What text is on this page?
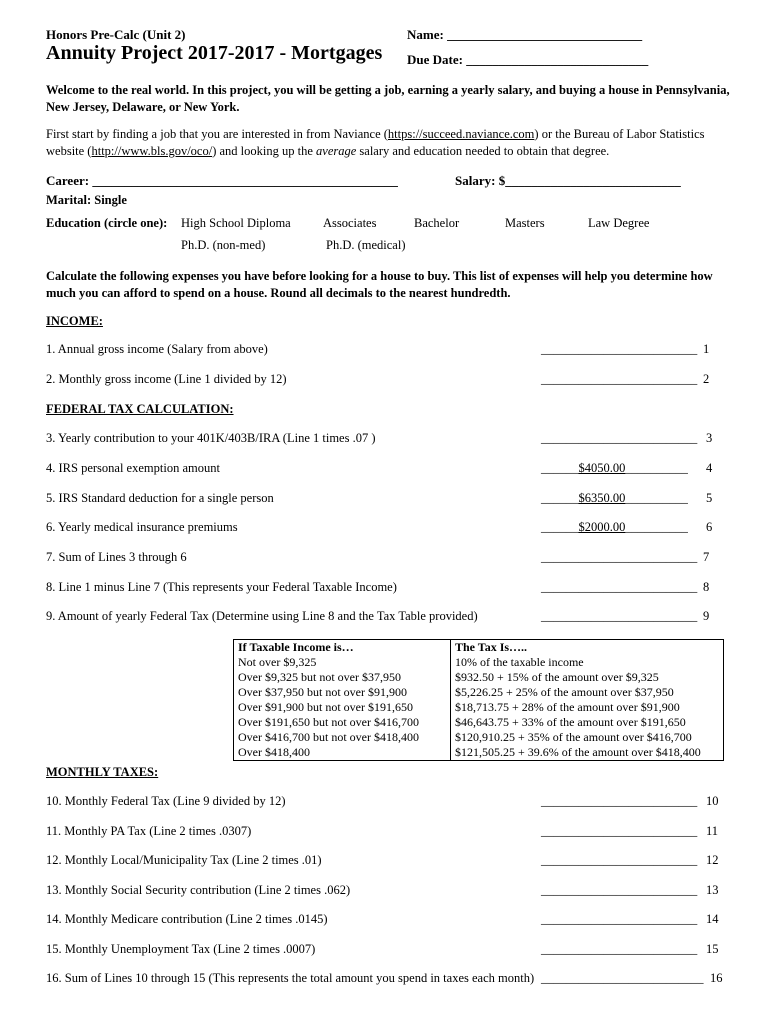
Honors Pre-Calc (Unit 2)	Name: ______________________________
Annuity Project 2017-2017 - Mortgages Due Date: ____________________________
Welcome to the real world. In this project, you will be getting a job, earning a yearly salary, and buying a house in Pennsylvania, New Jersey, Delaware, or New York.
First start by finding a job that you are interested in from Naviance (https://succeed.naviance.com) or the Bureau of Labor Statistics website (http://www.bls.gov/oco/) and looking up the average salary and education needed to obtain that degree.
Career: _______________________________________________	Salary: $___________________________
Marital: Single
Education (circle one): High School Diploma	Associates	Bachelor	Masters	Law Degree
Ph.D. (non-med)	Ph.D. (medical)
Calculate the following expenses you have before looking for a house to buy. This list of expenses will help you determine how much you can afford to spend on a house. Round all decimals to the nearest hundredth.
INCOME:
1. Annual gross income (Salary from above)	_________________________ 1
2. Monthly gross income (Line 1 divided by 12)	_________________________ 2
FEDERAL TAX CALCULATION:
3. Yearly contribution to your 401K/403B/IRA (Line 1 times .07 )	_________________________ 3
4. IRS personal exemption amount	______$4050.00__________ 4
5. IRS Standard deduction for a single person	______$6350.00__________ 5
6. Yearly medical insurance premiums	______$2000.00__________ 6
7. Sum of Lines 3 through 6	_________________________ 7
8. Line 1 minus Line 7 (This represents your Federal Taxable Income)	_________________________ 8
9. Amount of yearly Federal Tax (Determine using Line 8 and the Tax Table provided)	_________________________ 9
If Taxable Income is…	The Tax Is…..
Not over $9,325	10% of the taxable income
Over $9,325 but not over $37,950	$932.50 + 15% of the amount over $9,325
Over $37,950 but not over $91,900	$5,226.25 + 25% of the amount over $37,950
Over $91,900 but not over $191,650	$18,713.75 + 28% of the amount over $91,900
Over $191,650 but not over $416,700	$46,643.75 + 33% of the amount over $191,650
Over $416,700 but not over $418,400	$120,910.25 + 35% of the amount over $416,700
Over $418,400	$121,505.25 + 39.6% of the amount over $418,400
MONTHLY TAXES:
10. Monthly Federal Tax (Line 9 divided by 12)	_________________________ 10
11. Monthly PA Tax (Line 2 times .0307)	_________________________ 11
12. Monthly Local/Municipality Tax (Line 2 times .01)	_________________________ 12
13. Monthly Social Security contribution (Line 2 times .062)	_________________________ 13
14. Monthly Medicare contribution (Line 2 times .0145)	_________________________ 14
15. Monthly Unemployment Tax (Line 2 times .0007)	_________________________ 15
16. Sum of Lines 10 through 15 (This represents the total amount you spend in taxes each month) __________________________ 16
